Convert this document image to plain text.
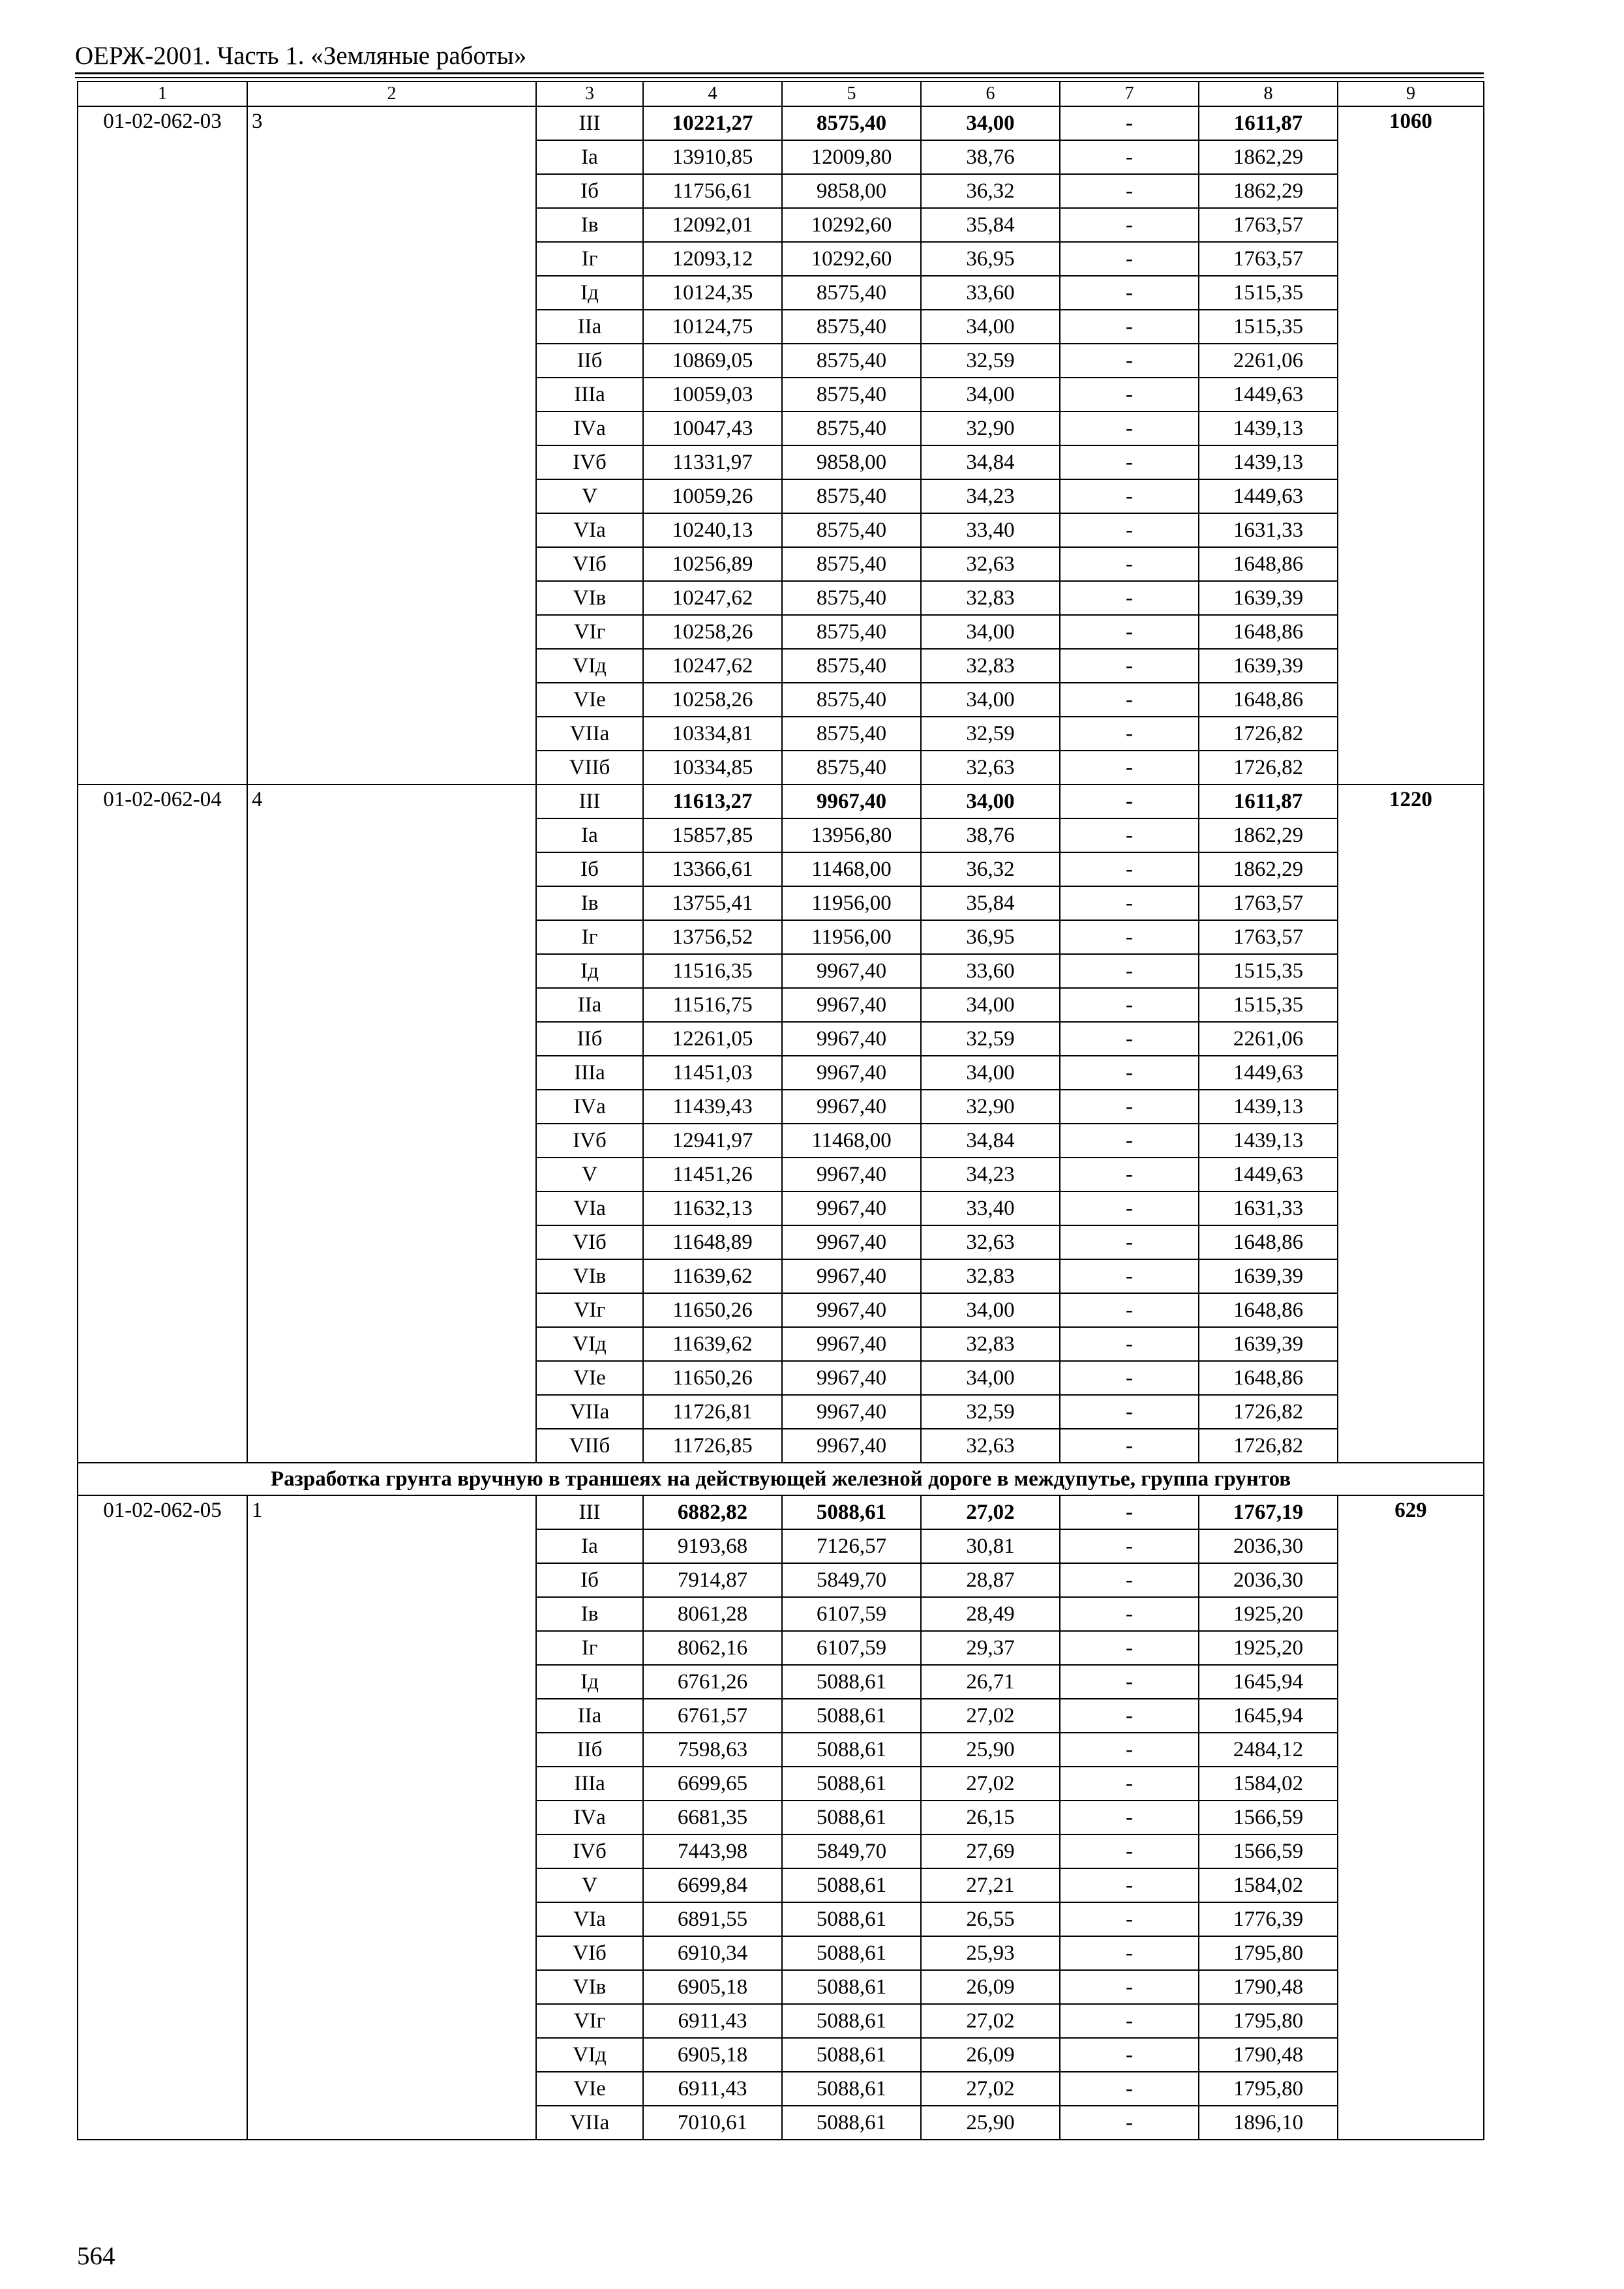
ОЕРЖ-2001. Часть 1. «Земляные работы»
1	2	3	4	5	6	7	8	9
01-02-062-03	3	III	10221,27	8575,40	34,00	-	1611,87	1060
		Iа	13910,85	12009,80	38,76	-	1862,29	
		Iб	11756,61	9858,00	36,32	-	1862,29	
		Iв	12092,01	10292,60	35,84	-	1763,57	
		Iг	12093,12	10292,60	36,95	-	1763,57	
		Iд	10124,35	8575,40	33,60	-	1515,35	
		IIа	10124,75	8575,40	34,00	-	1515,35	
		IIб	10869,05	8575,40	32,59	-	2261,06	
		IIIа	10059,03	8575,40	34,00	-	1449,63	
		IVа	10047,43	8575,40	32,90	-	1439,13	
		IVб	11331,97	9858,00	34,84	-	1439,13	
		V	10059,26	8575,40	34,23	-	1449,63	
		VIа	10240,13	8575,40	33,40	-	1631,33	
		VIб	10256,89	8575,40	32,63	-	1648,86	
		VIв	10247,62	8575,40	32,83	-	1639,39	
		VIг	10258,26	8575,40	34,00	-	1648,86	
		VIд	10247,62	8575,40	32,83	-	1639,39	
		VIе	10258,26	8575,40	34,00	-	1648,86	
		VIIа	10334,81	8575,40	32,59	-	1726,82	
		VIIб	10334,85	8575,40	32,63	-	1726,82	
01-02-062-04	4	III	11613,27	9967,40	34,00	-	1611,87	1220
		Iа	15857,85	13956,80	38,76	-	1862,29	
		Iб	13366,61	11468,00	36,32	-	1862,29	
		Iв	13755,41	11956,00	35,84	-	1763,57	
		Iг	13756,52	11956,00	36,95	-	1763,57	
		Iд	11516,35	9967,40	33,60	-	1515,35	
		IIа	11516,75	9967,40	34,00	-	1515,35	
		IIб	12261,05	9967,40	32,59	-	2261,06	
		IIIа	11451,03	9967,40	34,00	-	1449,63	
		IVа	11439,43	9967,40	32,90	-	1439,13	
		IVб	12941,97	11468,00	34,84	-	1439,13	
		V	11451,26	9967,40	34,23	-	1449,63	
		VIа	11632,13	9967,40	33,40	-	1631,33	
		VIб	11648,89	9967,40	32,63	-	1648,86	
		VIв	11639,62	9967,40	32,83	-	1639,39	
		VIг	11650,26	9967,40	34,00	-	1648,86	
		VIд	11639,62	9967,40	32,83	-	1639,39	
		VIе	11650,26	9967,40	34,00	-	1648,86	
		VIIа	11726,81	9967,40	32,59	-	1726,82	
		VIIб	11726,85	9967,40	32,63	-	1726,82	
Разработка грунта вручную в траншеях на действующей железной дороге в междупутье, группа грунтов								
01-02-062-05	1	III	6882,82	5088,61	27,02	-	1767,19	629
		Iа	9193,68	7126,57	30,81	-	2036,30	
		Iб	7914,87	5849,70	28,87	-	2036,30	
		Iв	8061,28	6107,59	28,49	-	1925,20	
		Iг	8062,16	6107,59	29,37	-	1925,20	
		Iд	6761,26	5088,61	26,71	-	1645,94	
		IIа	6761,57	5088,61	27,02	-	1645,94	
		IIб	7598,63	5088,61	25,90	-	2484,12	
		IIIа	6699,65	5088,61	27,02	-	1584,02	
		IVа	6681,35	5088,61	26,15	-	1566,59	
		IVб	7443,98	5849,70	27,69	-	1566,59	
		V	6699,84	5088,61	27,21	-	1584,02	
		VIа	6891,55	5088,61	26,55	-	1776,39	
		VIб	6910,34	5088,61	25,93	-	1795,80	
		VIв	6905,18	5088,61	26,09	-	1790,48	
		VIг	6911,43	5088,61	27,02	-	1795,80	
		VIд	6905,18	5088,61	26,09	-	1790,48	
		VIе	6911,43	5088,61	27,02	-	1795,80	
		VIIа	7010,61	5088,61	25,90	-	1896,10	
564
